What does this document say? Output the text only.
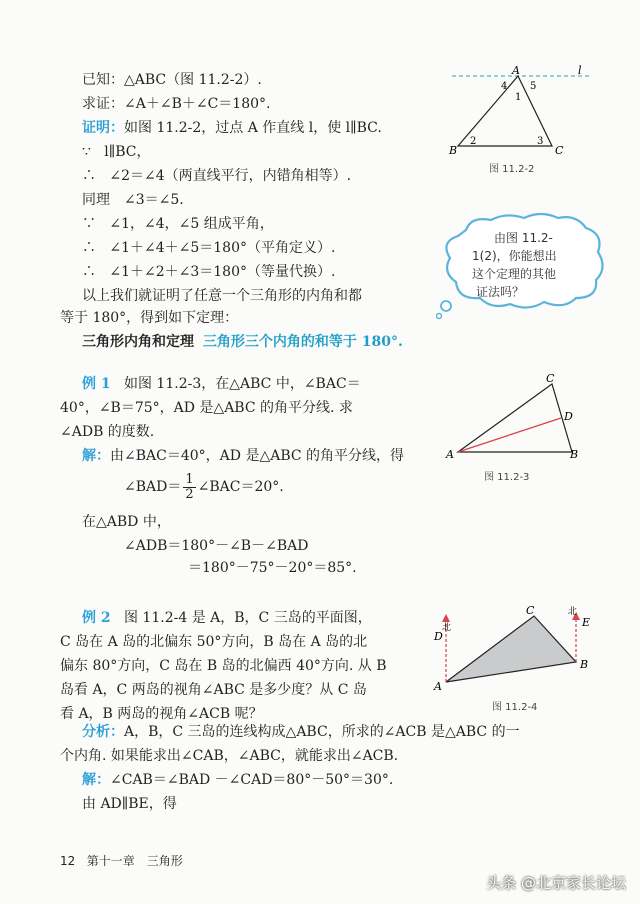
已知：△ABC（图 11.2-2）.
求证：∠A＋∠B＋∠C＝180°.
证明：如图 11.2-2，过点 A 作直线 l，使 l∥BC.
∵ l∥BC，
∴ ∠2＝∠4（两直线平行，内错角相等）.
同理　∠3＝∠5.
∵ ∠1，∠4，∠5 组成平角，
∴ ∠1＋∠4＋∠5＝180°（平角定义）.
∴ ∠1＋∠2＋∠3＝180°（等量代换）.
以上我们就证明了任意一个三角形的内角和都
等于 180°，得到如下定理：
三角形内角和定理 三角形三个内角的和等于 180°.
A
B	C
l
1
2	3
4 5
图 11.2-2
由图 11.2-
1(2)，你能想出
这个定理的其他
证法吗？
例 1 如图 11.2-3，在△ABC 中，∠BAC＝
40°，∠B＝75°，AD 是△ABC 的角平分线. 求
∠ADB 的度数.
解：由∠BAC＝40°，AD 是△ABC 的角平分线，得
∠BAD＝ $\frac{1}{2}$ ∠BAC＝20°.
在△ABD 中，
∠ADB＝180°－∠B－∠BAD
＝180°－75°－20°＝85°.
A	B
C
D
图 11.2-3
例 2 图 11.2-4 是 A，B，C 三岛的平面图，
C 岛在 A 岛的北偏东 50°方向，B 岛在 A 岛的北
偏东 80°方向，C 岛在 B 岛的北偏西 40°方向. 从 B
岛看 A，C 两岛的视角∠ABC 是多少度？从 C 岛
看 A，B 两岛的视角∠ACB 呢？
分析：A，B，C 三岛的连线构成△ABC，所求的∠ACB 是△ABC 的一
个内角. 如果能求出∠CAB，∠ABC，就能求出∠ACB.
解：∠CAB＝∠BAD －∠CAD＝80°－50°＝30°.
由 AD∥BE，得
A
B
C
D
E
北
北
图 11.2-4
12 第十一章　三角形
头条 @北京家长论坛
